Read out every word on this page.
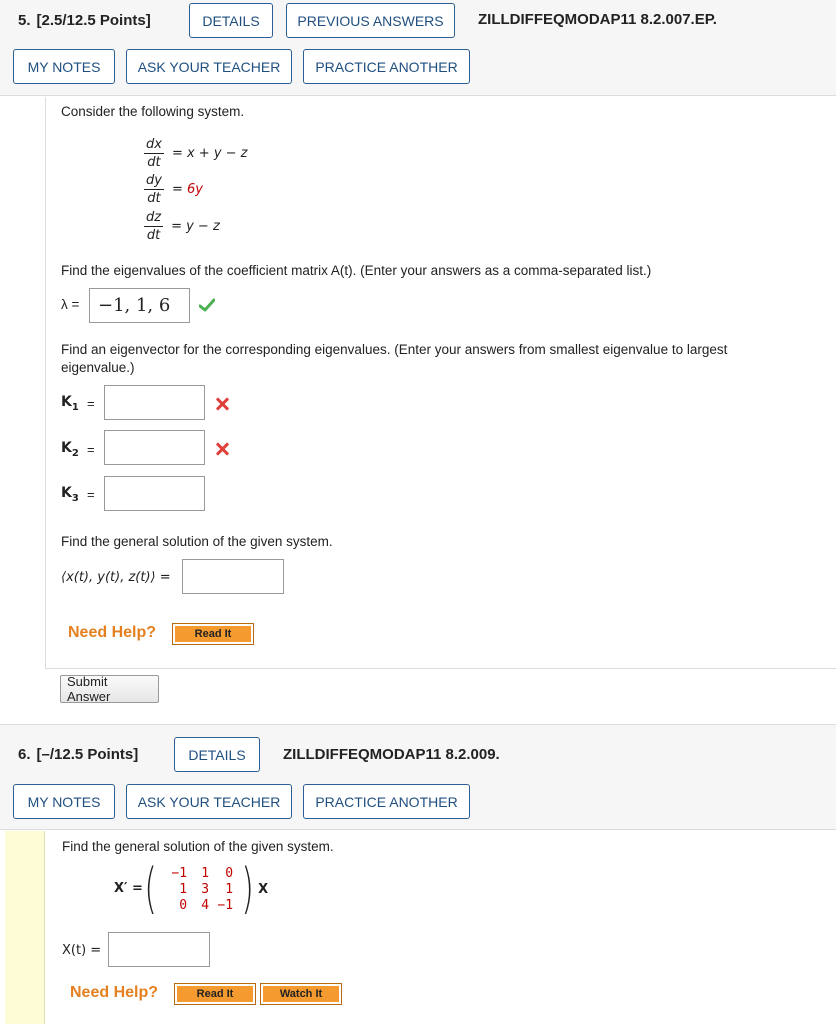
5. [2.5/12.5 Points]	DETAILS	PREVIOUS ANSWERS	ZILLDIFFEQMODAP11 8.2.007.EP.
MY NOTES	ASK YOUR TEACHER	PRACTICE ANOTHER
Consider the following system.
$\frac{dx}{dt} = x + y - z$
$\frac{dy}{dt} = 6y$
$\frac{dz}{dt} = y - z$
Find the eigenvalues of the coefficient matrix A(t). (Enter your answers as a comma-separated list.)
λ =	−1, 1, 6
Find an eigenvector for the corresponding eigenvalues. (Enter your answers from smallest eigenvalue to largest
eigenvalue.)
$K_1$ =
$K_2$ =
$K_3$ =
Find the general solution of the given system.
⟨x(t), y(t), z(t)⟩ =
Need Help?	Read It
Submit Answer
6. [–/12.5 Points]	DETAILS	ZILLDIFFEQMODAP11 8.2.009.
MY NOTES	ASK YOUR TEACHER	PRACTICE ANOTHER
Find the general solution of the given system.
X′ = (	−1	1	0
1	3	1
0	4 −1 ) X
X(t) =
Need Help?	Read It	Watch It
